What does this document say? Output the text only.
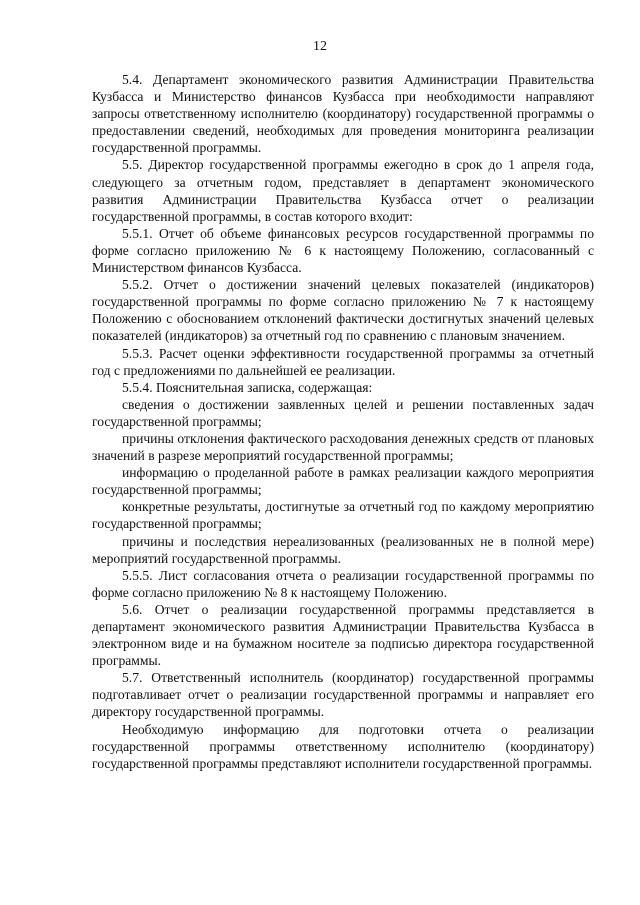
12

5.4. Департамент экономического развития Администрации Правительства Кузбасса и Министерство финансов Кузбасса при необходимости направляют запросы ответственному исполнителю (координатору) государственной программы о предоставлении сведений, необходимых для проведения мониторинга реализации государственной программы.

5.5. Директор государственной программы ежегодно в срок до 1 апреля года, следующего за отчетным годом, представляет в департамент экономического развития Администрации Правительства Кузбасса отчет о реализации государственной программы, в состав которого входит:

5.5.1. Отчет об объеме финансовых ресурсов государственной программы по форме согласно приложению № 6 к настоящему Положению, согласованный с Министерством финансов Кузбасса.

5.5.2. Отчет о достижении значений целевых показателей (индикаторов) государственной программы по форме согласно приложению № 7 к настоящему Положению с обоснованием отклонений фактически достигнутых значений целевых показателей (индикаторов) за отчетный год по сравнению с плановым значением.

5.5.3. Расчет оценки эффективности государственной программы за отчетный год с предложениями по дальнейшей ее реализации.

5.5.4. Пояснительная записка, содержащая:

сведения о достижении заявленных целей и решении поставленных задач государственной программы;

причины отклонения фактического расходования денежных средств от плановых значений в разрезе мероприятий государственной программы;

информацию о проделанной работе в рамках реализации каждого мероприятия государственной программы;

конкретные результаты, достигнутые за отчетный год по каждому мероприятию государственной программы;

причины и последствия нереализованных (реализованных не в полной мере) мероприятий государственной программы.

5.5.5. Лист согласования отчета о реализации государственной программы по форме согласно приложению № 8 к настоящему Положению.

5.6. Отчет о реализации государственной программы представляется в департамент экономического развития Администрации Правительства Кузбасса в электронном виде и на бумажном носителе за подписью директора государственной программы.

5.7. Ответственный исполнитель (координатор) государственной программы подготавливает отчет о реализации государственной программы и направляет его директору государственной программы.

Необходимую информацию для подготовки отчета о реализации государственной программы ответственному исполнителю (координатору) государственной программы представляют исполнители государственной программы.
